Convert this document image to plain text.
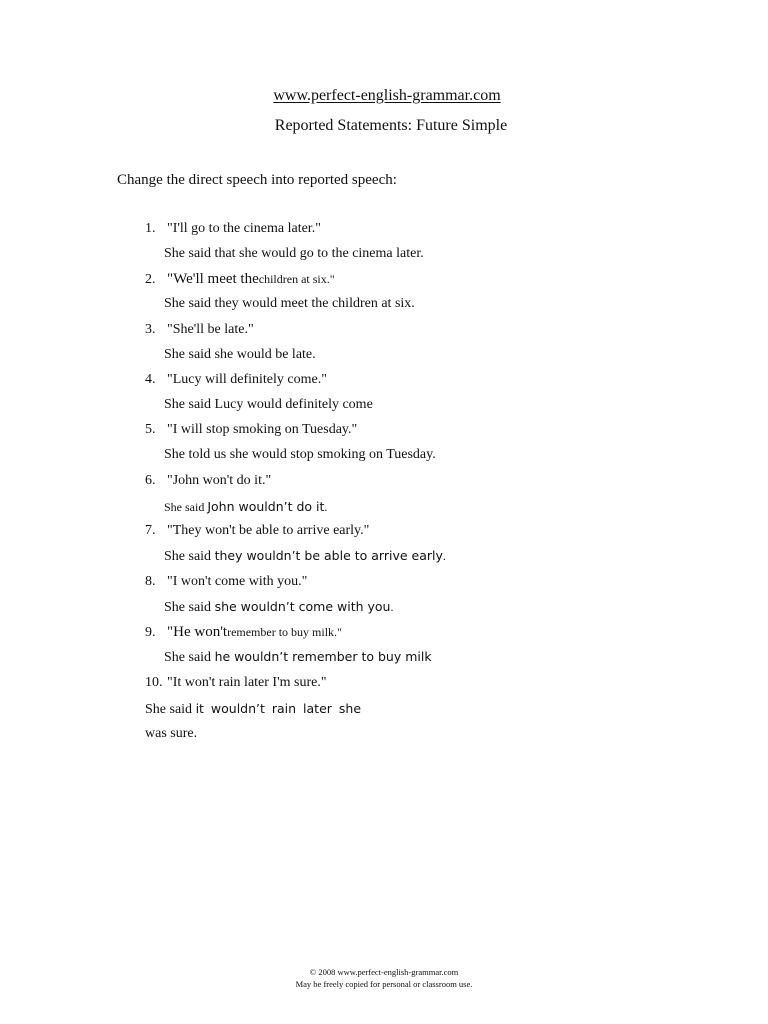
www.perfect-english-grammar.com
Reported Statements: Future Simple
Change the direct speech into reported speech:
1. "I'll go to the cinema later."
She said that she would go to the cinema later.
2. "We'll meet thechildren at six."
She said they would meet the children at six.
3. "She'll be late."
She said she would be late.
4. "Lucy will definitely come."
She said Lucy would definitely come
5. "I will stop smoking on Tuesday."
She told us she would stop smoking on Tuesday.
6. "John won't do it."
She said John wouldn’t do it.
7. "They won't be able to arrive early."
She said they wouldn’t be able to arrive early.
8. "I won't come with you."
She said she wouldn’t come with you.
9. "He won'tremember to buy milk."
She said he wouldn’t remember to buy milk
10. "It won't rain later I'm sure."
She said it wouldn’t rain later she
was sure.
© 2008 www.perfect-english-grammar.com
May be freely copied for personal or classroom use.
